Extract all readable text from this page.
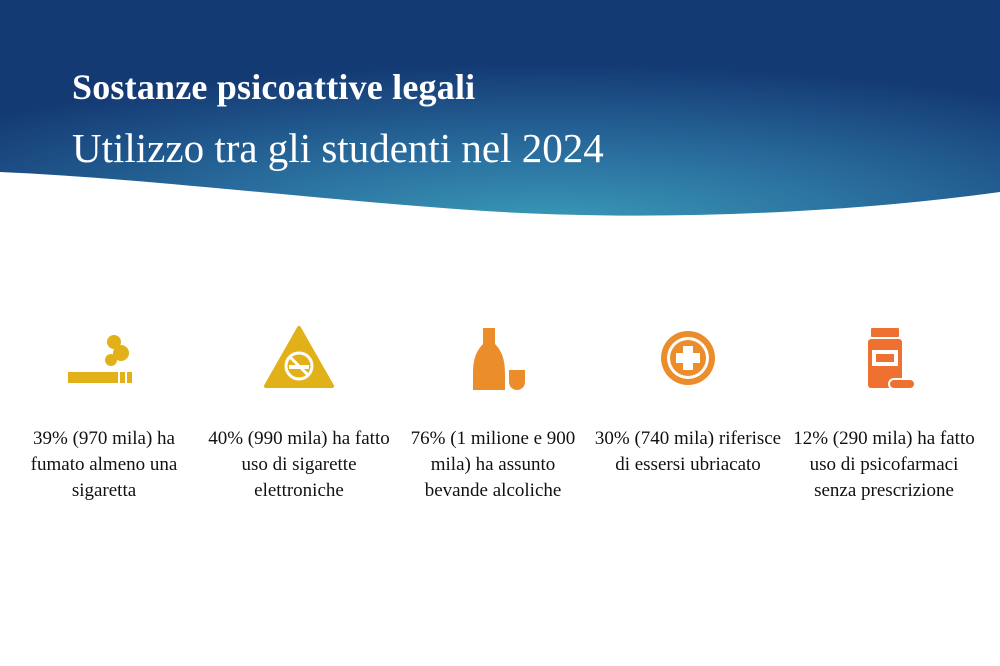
Sostanze psicoattive legali
Utilizzo tra gli studenti nel 2024
39% (970 mila) ha fumato almeno una sigaretta
40% (990 mila) ha fatto uso di sigarette elettroniche
76% (1 milione e 900 mila) ha assunto bevande alcoliche
30% (740 mila) riferisce di essersi ubriacato
12% (290 mila) ha fatto uso di psicofarmaci senza prescrizione
